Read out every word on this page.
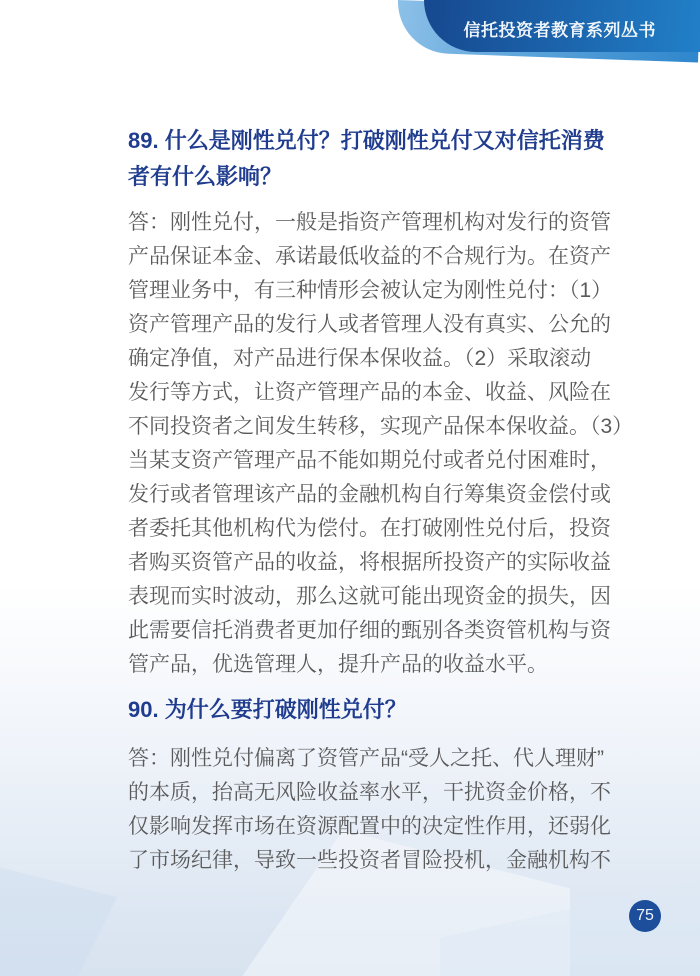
信托投资者教育系列丛书
89. 什么是刚性兑付？打破刚性兑付又对信托消费
者有什么影响？
答：刚性兑付，一般是指资产管理机构对发行的资管
产品保证本金、承诺最低收益的不合规行为。在资产
管理业务中，有三种情形会被认定为刚性兑付：（1）
资产管理产品的发行人或者管理人没有真实、公允的
确定净值，对产品进行保本保收益。（2）采取滚动
发行等方式，让资产管理产品的本金、收益、风险在
不同投资者之间发生转移，实现产品保本保收益。（3）
当某支资产管理产品不能如期兑付或者兑付困难时，
发行或者管理该产品的金融机构自行筹集资金偿付或
者委托其他机构代为偿付。在打破刚性兑付后，投资
者购买资管产品的收益，将根据所投资产的实际收益
表现而实时波动，那么这就可能出现资金的损失，因
此需要信托消费者更加仔细的甄别各类资管机构与资
管产品，优选管理人，提升产品的收益水平。
90. 为什么要打破刚性兑付？
答：刚性兑付偏离了资管产品“受人之托、代人理财”
的本质，抬高无风险收益率水平，干扰资金价格，不
仅影响发挥市场在资源配置中的决定性作用，还弱化
了市场纪律，导致一些投资者冒险投机，金融机构不
75
